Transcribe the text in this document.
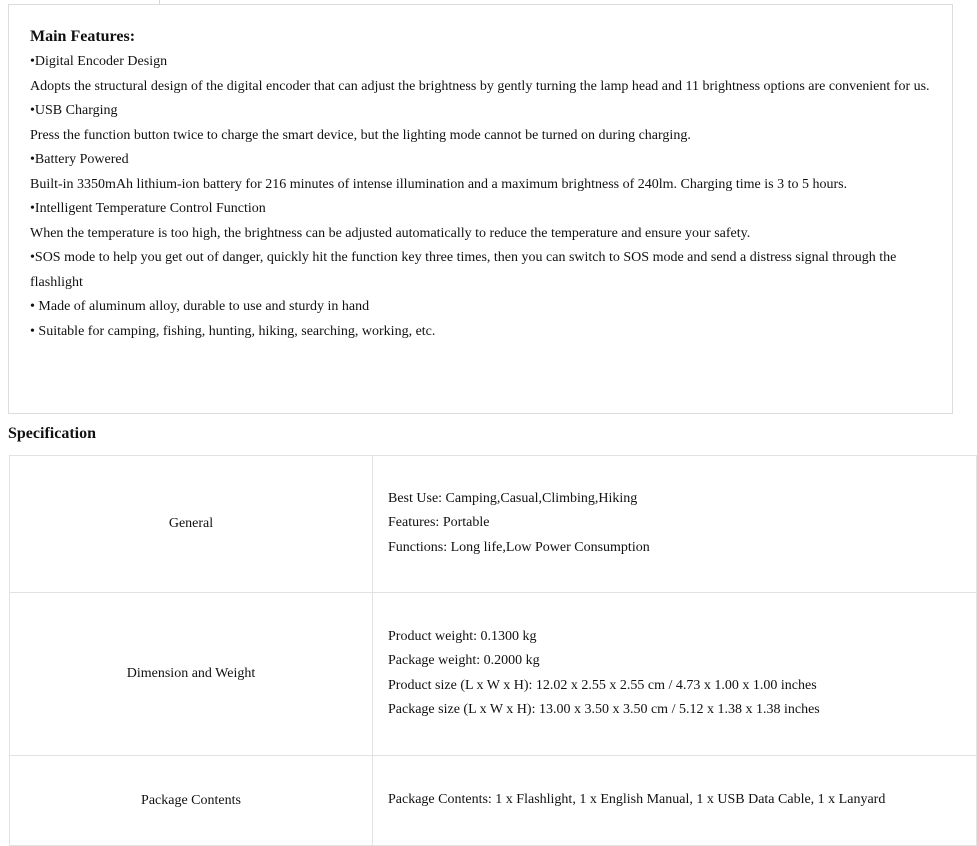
Main Features:
•Digital Encoder Design
Adopts the structural design of the digital encoder that can adjust the brightness by gently turning the lamp head and 11 brightness options are convenient for us.
•USB Charging
Press the function button twice to charge the smart device, but the lighting mode cannot be turned on during charging.
•Battery Powered
Built-in 3350mAh lithium-ion battery for 216 minutes of intense illumination and a maximum brightness of 240lm. Charging time is 3 to 5 hours.
•Intelligent Temperature Control Function
When the temperature is too high, the brightness can be adjusted automatically to reduce the temperature and ensure your safety.
•SOS mode to help you get out of danger, quickly hit the function key three times, then you can switch to SOS mode and send a distress signal through the flashlight
• Made of aluminum alloy, durable to use and sturdy in hand
• Suitable for camping, fishing, hunting, hiking, searching, working, etc.
Specification
General	Best Use: Camping,Casual,Climbing,Hiking
Features: Portable
Functions: Long life,Low Power Consumption

Dimension and Weight	Product weight: 0.1300 kg
Package weight: 0.2000 kg
Product size (L x W x H): 12.02 x 2.55 x 2.55 cm / 4.73 x 1.00 x 1.00 inches
Package size (L x W x H): 13.00 x 3.50 x 3.50 cm / 5.12 x 1.38 x 1.38 inches

Package Contents	Package Contents: 1 x Flashlight, 1 x English Manual, 1 x USB Data Cable, 1 x Lanyard
